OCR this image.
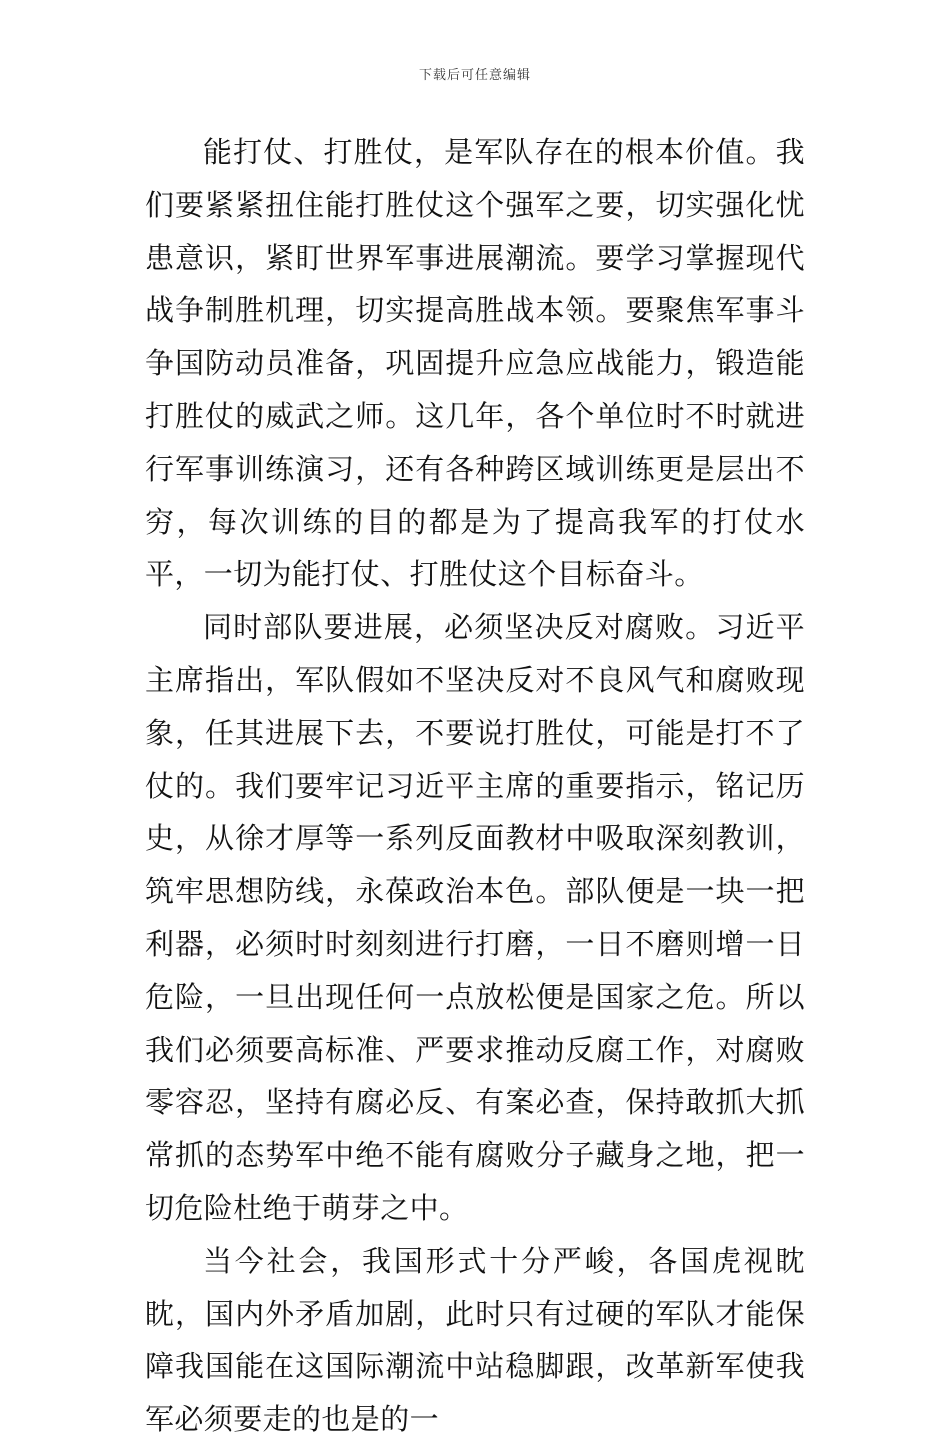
下载后可任意编辑

能打仗、打胜仗，是军队存在的根本价值。我们要紧紧扭住能打胜仗这个强军之要，切实强化忧患意识，紧盯世界军事进展潮流。要学习掌握现代战争制胜机理，切实提高胜战本领。要聚焦军事斗争国防动员准备，巩固提升应急应战能力，锻造能打胜仗的威武之师。这几年，各个单位时不时就进行军事训练演习，还有各种跨区域训练更是层出不穷，每次训练的目的都是为了提高我军的打仗水平，一切为能打仗、打胜仗这个目标奋斗。

同时部队要进展，必须坚决反对腐败。习近平主席指出，军队假如不坚决反对不良风气和腐败现象，任其进展下去，不要说打胜仗，可能是打不了仗的。我们要牢记习近平主席的重要指示，铭记历史，从徐才厚等一系列反面教材中吸取深刻教训，筑牢思想防线，永葆政治本色。部队便是一块一把利器，必须时时刻刻进行打磨，一日不磨则增一日危险，一旦出现任何一点放松便是国家之危。所以我们必须要高标准、严要求推动反腐工作，对腐败零容忍，坚持有腐必反、有案必查，保持敢抓大抓常抓的态势军中绝不能有腐败分子藏身之地，把一切危险杜绝于萌芽之中。

当今社会，我国形式十分严峻，各国虎视眈眈，国内外矛盾加剧，此时只有过硬的军队才能保障我国能在这国际潮流中站稳脚跟，改革新军使我军必须要走的也是的一
